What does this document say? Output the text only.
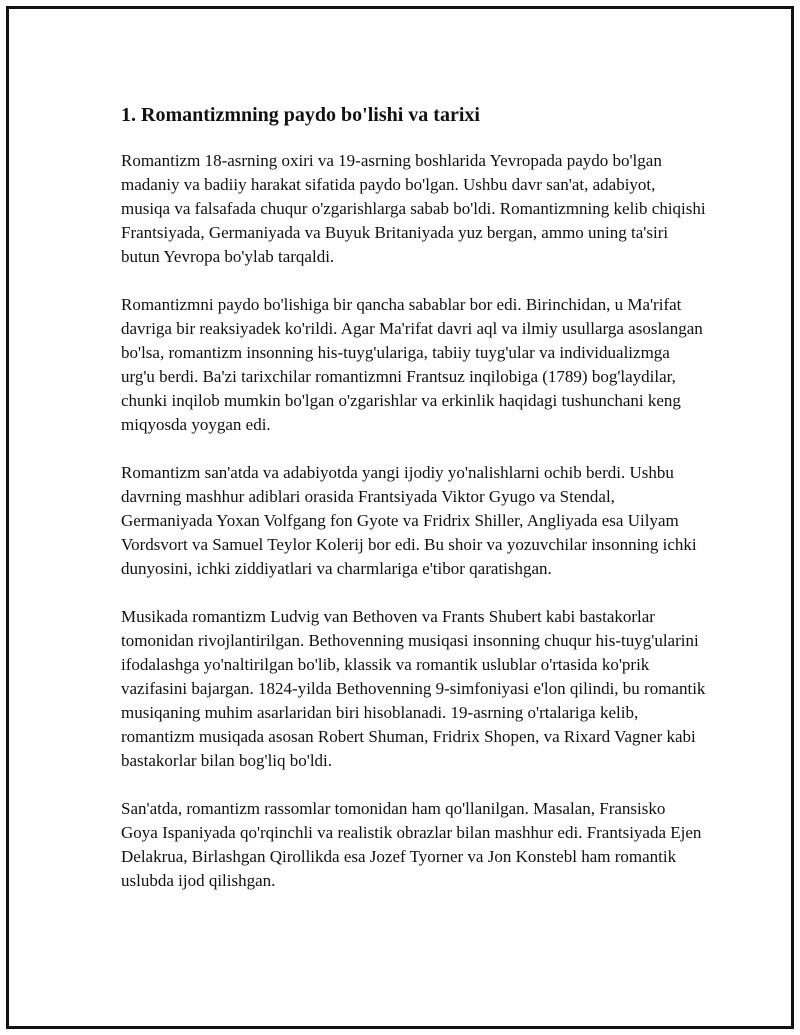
1. Romantizmning paydo bo'lishi va tarixi

Romantizm 18-asrning oxiri va 19-asrning boshlarida Yevropada paydo bo'lgan madaniy va badiiy harakat sifatida paydo bo'lgan. Ushbu davr san'at, adabiyot, musiqa va falsafada chuqur o'zgarishlarga sabab bo'ldi. Romantizmning kelib chiqishi Frantsiyada, Germaniyada va Buyuk Britaniyada yuz bergan, ammo uning ta'siri butun Yevropa bo'ylab tarqaldi.

Romantizmni paydo bo'lishiga bir qancha sabablar bor edi. Birinchidan, u Ma'rifat davriga bir reaksiyadek ko'rildi. Agar Ma'rifat davri aql va ilmiy usullarga asoslangan bo'lsa, romantizm insonning his-tuyg'ulariga, tabiiy tuyg'ular va individualizmga urg'u berdi. Ba'zi tarixchilar romantizmni Frantsuz inqilobiga (1789) bog'laydilar, chunki inqilob mumkin bo'lgan o'zgarishlar va erkinlik haqidagi tushunchani keng miqyosda yoygan edi.

Romantizm san'atda va adabiyotda yangi ijodiy yo'nalishlarni ochib berdi. Ushbu davrning mashhur adiblari orasida Frantsiyada Viktor Gyugo va Stendal, Germaniyada Yoxan Volfgang fon Gyote va Fridrix Shiller, Angliyada esa Uilyam Vordsvort va Samuel Teylor Kolerij bor edi. Bu shoir va yozuvchilar insonning ichki dunyosini, ichki ziddiyatlari va charmlariga e'tibor qaratishgan.

Musikada romantizm Ludvig van Bethoven va Frants Shubert kabi bastakorlar tomonidan rivojlantirilgan. Bethovenning musiqasi insonning chuqur his-tuyg'ularini ifodalashga yo'naltirilgan bo'lib, klassik va romantik uslublar o'rtasida ko'prik vazifasini bajargan. 1824-yilda Bethovenning 9-simfoniyasi e'lon qilindi, bu romantik musiqaning muhim asarlaridan biri hisoblanadi. 19-asrning o'rtalariga kelib, romantizm musiqada asosan Robert Shuman, Fridrix Shopen, va Rixard Vagner kabi bastakorlar bilan bog'liq bo'ldi.

San'atda, romantizm rassomlar tomonidan ham qo'llanilgan. Masalan, Fransisko Goya Ispaniyada qo'rqinchli va realistik obrazlar bilan mashhur edi. Frantsiyada Ejen Delakrua, Birlashgan Qirollikda esa Jozef Tyorner va Jon Konstebl ham romantik uslubda ijod qilishgan.
